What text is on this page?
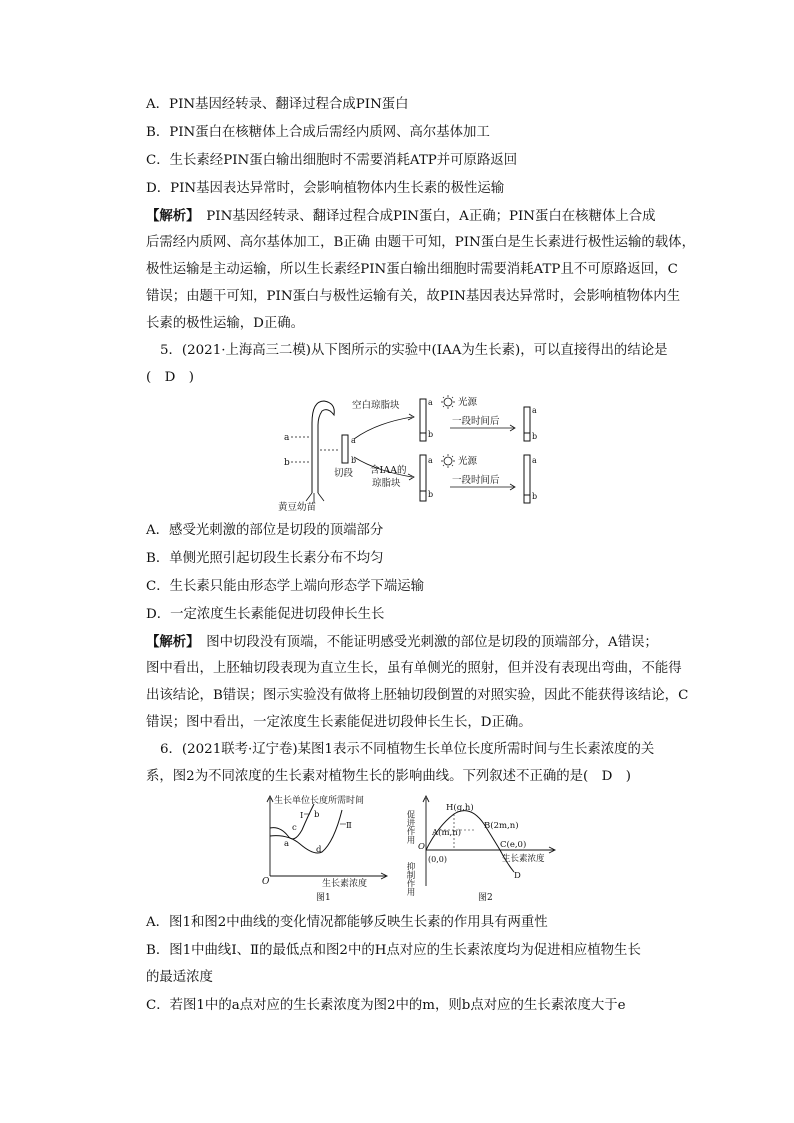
A．PIN基因经转录、翻译过程合成PIN蛋白
B．PIN蛋白在核糖体上合成后需经内质网、高尔基体加工
C．生长素经PIN蛋白输出细胞时不需要消耗ATP并可原路返回
D．PIN基因表达异常时，会影响植物体内生长素的极性运输
【解析】　 PIN基因经转录、翻译过程合成PIN蛋白，A正确；PIN蛋白在核糖体上合成
后需经内质网、高尔基体加工，B正确 由题干可知，PIN蛋白是生长素进行极性运输的载体，
极性运输是主动运输，所以生长素经PIN蛋白输出细胞时需要消耗ATP且不可原路返回，C
错误；由题干可知，PIN蛋白与极性运输有关，故PIN基因表达异常时，会影响植物体内生
长素的极性运输，D正确。
5．(2021·上海高三二模)从下图所示的实验中(IAA为生长素)，可以直接得出的结论是
(　D　)
a
b
黄豆幼苗
a
b
切段
空白琼脂块	a
b
光源
一段时间后
a
b
含IAA的
琼脂块
a
b
光源
一段时间后
a
b
A．感受光刺激的部位是切段的顶端部分
B．单侧光照引起切段生长素分布不均匀
C．生长素只能由形态学上端向形态学下端运输
D．一定浓度生长素能促进切段伸长生长
【解析】　 图中切段没有顶端，不能证明感受光刺激的部位是切段的顶端部分，A错误；
图中看出，上胚轴切段表现为直立生长，虽有单侧光的照射，但并没有表现出弯曲，不能得
出该结论，B错误；图示实验没有做将上胚轴切段倒置的对照实验，因此不能获得该结论，C
错误；图中看出，一定浓度生长素能促进切段伸长生长，D正确。
6．(2021联考·辽宁卷)某图1表示不同植物生长单位长度所需时间与生长素浓度的关
系，图2为不同浓度的生长素对植物生长的影响曲线。下列叙述不正确的是(　D　)
生长单位长度所需时间
O	生长素浓度
图1
a
c
b
d
Ⅰ
Ⅱ	促进作用
抑制作用
O
(0,0)	生长素浓度
图2
H(g,h)
A(m,n)
B(2m,n)
C(e,0)
D
A．图1和图2中曲线的变化情况都能够反映生长素的作用具有两重性
B．图1中曲线Ⅰ、Ⅱ的最低点和图2中的H点对应的生长素浓度均为促进相应植物生长
的最适浓度
C．若图1中的a点对应的生长素浓度为图2中的m，则b点对应的生长素浓度大于e
